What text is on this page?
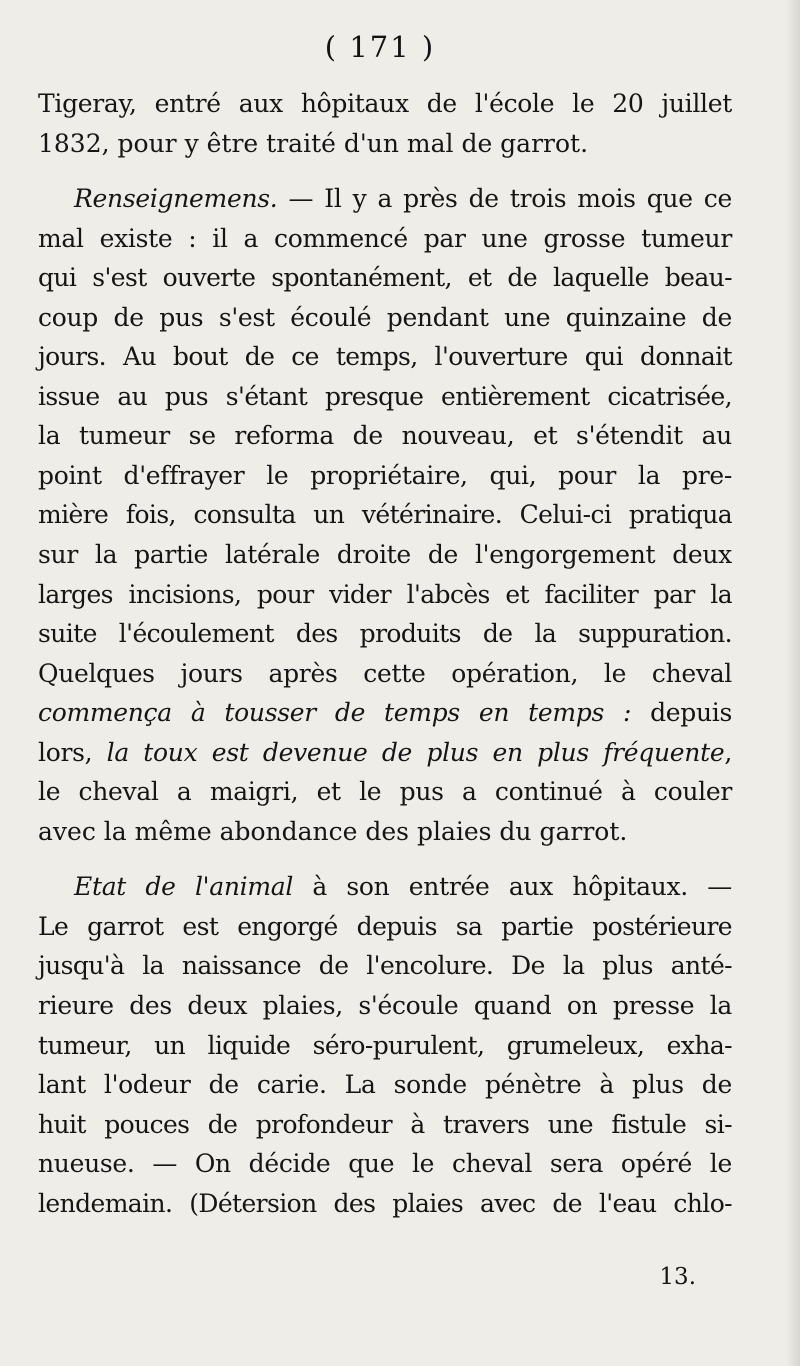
( 171 )
Tigeray, entré aux hôpitaux de l'école le 20 juillet
1832, pour y être traité d'un mal de garrot.
Renseignemens. — Il y a près de trois mois que ce
mal existe : il a commencé par une grosse tumeur
qui s'est ouverte spontanément, et de laquelle beau-
coup de pus s'est écoulé pendant une quinzaine de
jours. Au bout de ce temps, l'ouverture qui donnait
issue au pus s'étant presque entièrement cicatrisée,
la tumeur se reforma de nouveau, et s'étendit au
point d'effrayer le propriétaire, qui, pour la pre-
mière fois, consulta un vétérinaire. Celui-ci pratiqua
sur la partie latérale droite de l'engorgement deux
larges incisions, pour vider l'abcès et faciliter par la
suite l'écoulement des produits de la suppuration.
Quelques jours après cette opération, le cheval
commença à tousser de temps en temps : depuis
lors, la toux est devenue de plus en plus fréquente,
le cheval a maigri, et le pus a continué à couler
avec la même abondance des plaies du garrot.
Etat de l'animal à son entrée aux hôpitaux. —
Le garrot est engorgé depuis sa partie postérieure
jusqu'à la naissance de l'encolure. De la plus anté-
rieure des deux plaies, s'écoule quand on presse la
tumeur, un liquide séro-purulent, grumeleux, exha-
lant l'odeur de carie. La sonde pénètre à plus de
huit pouces de profondeur à travers une fistule si-
nueuse. — On décide que le cheval sera opéré le
lendemain. (Détersion des plaies avec de l'eau chlo-
13.
